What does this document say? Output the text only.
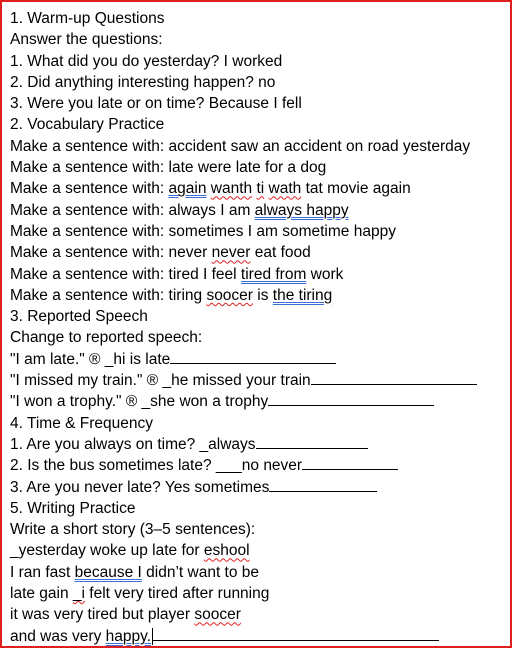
1. Warm-up Questions
Answer the questions:
1. What did you do yesterday? I worked
2. Did anything interesting happen? no
3. Were you late or on time? Because I fell
2. Vocabulary Practice
Make a sentence with: accident saw an accident on road yesterday
Make a sentence with: late were late for a dog
Make a sentence with: again wanth ti wath tat movie again
Make a sentence with: always I am always happy
Make a sentence with: sometimes I am sometime happy
Make a sentence with: never never eat food
Make a sentence with: tired I feel tired from work
Make a sentence with: tiring soocer is the tiring
3. Reported Speech
Change to reported speech:
"I am late." ® _hi is late
"I missed my train." ® _he missed your train
"I won a trophy." ® _she won a trophy
4. Time & Frequency
1. Are you always on time? _always
2. Is the bus sometimes late? ___no never
3. Are you never late? Yes sometimes
5. Writing Practice
Write a short story (3–5 sentences):
_yesterday woke up late for eshool
I ran fast because I didn’t want to be
late gain _i felt very tired after running
it was very tired but player soocer
and was very happy.
